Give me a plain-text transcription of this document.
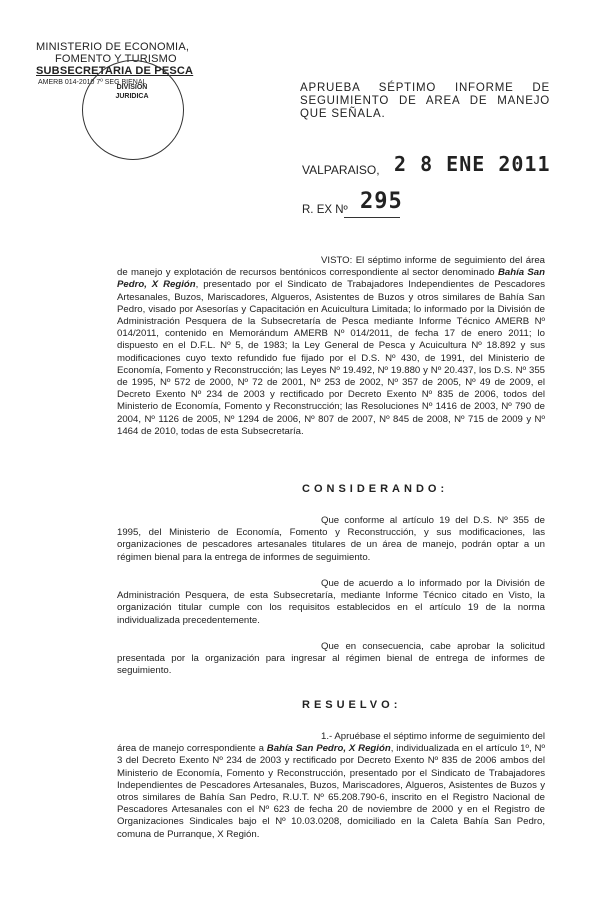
MINISTERIO DE ECONOMIA,
FOMENTO Y TURISMO
SUBSECRETARIA DE PESCA
AMERB 014-2010 7º SEG BIENAL
DIVISION
JURIDICA
APRUEBA SÉPTIMO INFORME DE SEGUIMIENTO DE AREA DE MANEJO QUE SEÑALA.
VALPARAISO, 2 8 ENE 2011
R. EX Nº 295
VISTO: El séptimo informe de seguimiento del área de manejo y explotación de recursos bentónicos correspondiente al sector denominado Bahía San Pedro, X Región, presentado por el Sindicato de Trabajadores Independientes de Pescadores Artesanales, Buzos, Mariscadores, Algueros, Asistentes de Buzos y otros similares de Bahía San Pedro, visado por Asesorías y Capacitación en Acuicultura Limitada; lo informado por la División de Administración Pesquera de la Subsecretaría de Pesca mediante Informe Técnico AMERB Nº 014/2011, contenido en Memorándum AMERB Nº 014/2011, de fecha 17 de enero 2011; lo dispuesto en el D.F.L. Nº 5, de 1983; la Ley General de Pesca y Acuicultura Nº 18.892 y sus modificaciones cuyo texto refundido fue fijado por el D.S. Nº 430, de 1991, del Ministerio de Economía, Fomento y Reconstrucción; las Leyes Nº 19.492, Nº 19.880 y Nº 20.437, los D.S. Nº 355 de 1995, Nº 572 de 2000, Nº 72 de 2001, Nº 253 de 2002, Nº 357 de 2005, Nº 49 de 2009, el Decreto Exento Nº 234 de 2003 y rectificado por Decreto Exento Nº 835 de 2006, todos del Ministerio de Economía, Fomento y Reconstrucción; las Resoluciones Nº 1416 de 2003, Nº 790 de 2004, Nº 1126 de 2005, Nº 1294 de 2006, Nº 807 de 2007, Nº 845 de 2008, Nº 715 de 2009 y Nº 1464 de 2010, todas de esta Subsecretaría.
CONSIDERANDO:
Que conforme al artículo 19 del D.S. Nº 355 de 1995, del Ministerio de Economía, Fomento y Reconstrucción, y sus modificaciones, las organizaciones de pescadores artesanales titulares de un área de manejo, podrán optar a un régimen bienal para la entrega de informes de seguimiento.
Que de acuerdo a lo informado por la División de Administración Pesquera, de esta Subsecretaría, mediante Informe Técnico citado en Visto, la organización titular cumple con los requisitos establecidos en el artículo 19 de la norma individualizada precedentemente.
Que en consecuencia, cabe aprobar la solicitud presentada por la organización para ingresar al régimen bienal de entrega de informes de seguimiento.
RESUELVO:
1.- Apruébase el séptimo informe de seguimiento del área de manejo correspondiente a Bahía San Pedro, X Región, individualizada en el artículo 1º, Nº 3 del Decreto Exento Nº 234 de 2003 y rectificado por Decreto Exento Nº 835 de 2006 ambos del Ministerio de Economía, Fomento y Reconstrucción, presentado por el Sindicato de Trabajadores Independientes de Pescadores Artesanales, Buzos, Mariscadores, Algueros, Asistentes de Buzos y otros similares de Bahía San Pedro, R.U.T. Nº 65.208.790-6, inscrito en el Registro Nacional de Pescadores Artesanales con el Nº 623 de fecha 20 de noviembre de 2000 y en el Registro de Organizaciones Sindicales bajo el Nº 10.03.0208, domiciliado en la Caleta Bahía San Pedro, comuna de Purranque, X Región.
